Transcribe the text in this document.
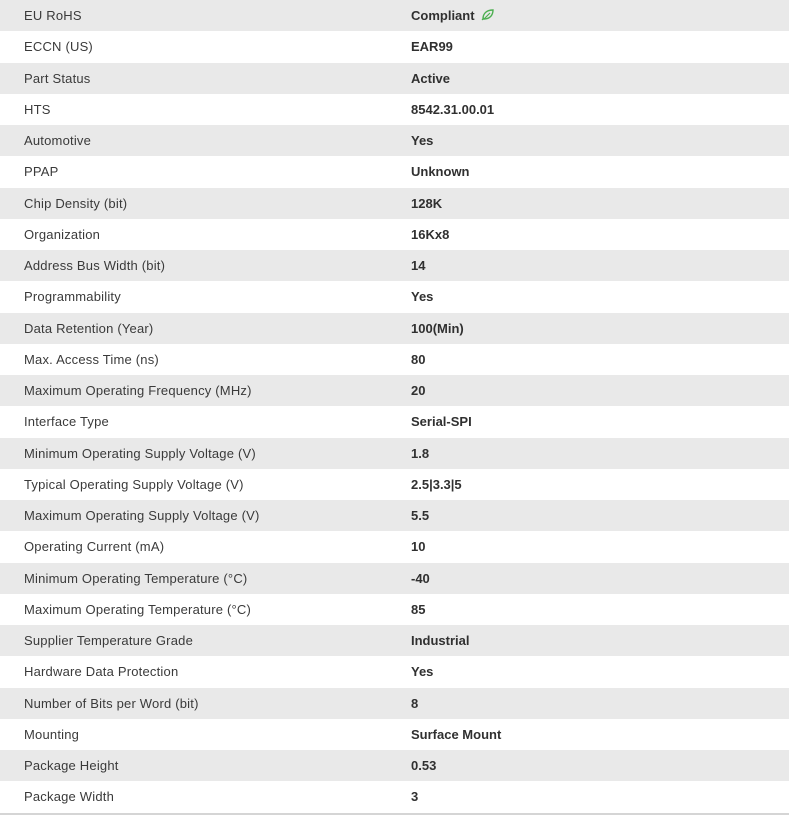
EU RoHS	Compliant
ECCN (US)	EAR99
Part Status	Active
HTS	8542.31.00.01
Automotive	Yes
PPAP	Unknown
Chip Density (bit)	128K
Organization	16Kx8
Address Bus Width (bit)	14
Programmability	Yes
Data Retention (Year)	100(Min)
Max. Access Time (ns)	80
Maximum Operating Frequency (MHz)	20
Interface Type	Serial-SPI
Minimum Operating Supply Voltage (V)	1.8
Typical Operating Supply Voltage (V)	2.5|3.3|5
Maximum Operating Supply Voltage (V)	5.5
Operating Current (mA)	10
Minimum Operating Temperature (°C)	-40
Maximum Operating Temperature (°C)	85
Supplier Temperature Grade	Industrial
Hardware Data Protection	Yes
Number of Bits per Word (bit)	8
Mounting	Surface Mount
Package Height	0.53
Package Width	3
